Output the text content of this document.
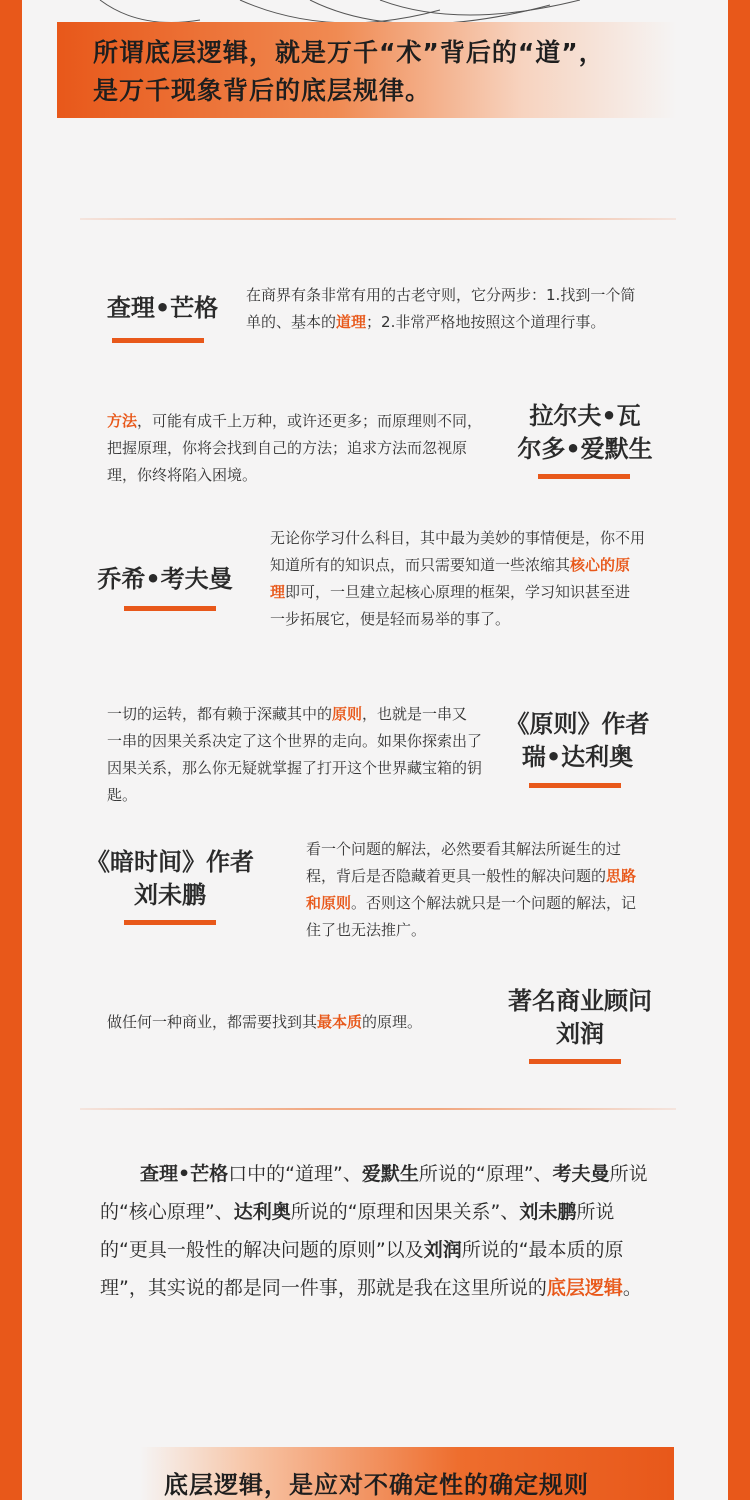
所谓底层逻辑，就是万千“术”背后的“道”，
是万千现象背后的底层规律。
查理•芒格	在商界有条非常有用的古老守则，它分两步：1.找到一个简单的、基本的道理；2.非常严格地按照这个道理行事。
方法，可能有成千上万种，或许还更多；而原理则不同，把握原理，你将会找到自己的方法；追求方法而忽视原理，你终将陷入困境。
拉尔夫•瓦
尔多•爱默生
乔希•考夫曼
无论你学习什么科目，其中最为美妙的事情便是，你不用知道所有的知识点，而只需要知道一些浓缩其核心的原理即可，一旦建立起核心原理的框架，学习知识甚至进一步拓展它，便是轻而易举的事了。
一切的运转，都有赖于深藏其中的原则，也就是一串又一串的因果关系决定了这个世界的走向。如果你探索出了因果关系，那么你无疑就掌握了打开这个世界藏宝箱的钥匙。
《原则》作者
瑞•达利奥
《暗时间》作者
刘未鹏
看一个问题的解法，必然要看其解法所诞生的过程，背后是否隐藏着更具一般性的解决问题的思路和原则。否则这个解法就只是一个问题的解法，记住了也无法推广。
做任何一种商业，都需要找到其最本质的原理。
著名商业顾问
刘润
查理•芒格口中的“道理”、爱默生所说的“原理”、考夫曼所说的“核心原理”、达利奥所说的“原理和因果关系”、刘未鹏所说的“更具一般性的解决问题的原则”以及刘润所说的“最本质的原理”，其实说的都是同一件事，那就是我在这里所说的底层逻辑。
底层逻辑，是应对不确定性的确定规则
